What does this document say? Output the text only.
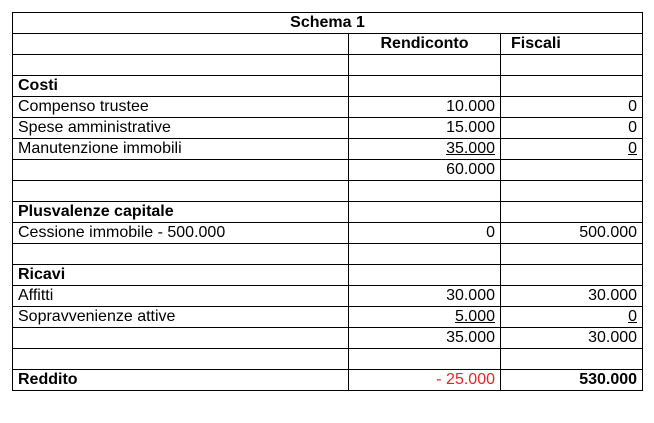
Schema 1		
	Rendiconto	Fiscali

Costi		
Compenso trustee	10.000	0
Spese amministrative	15.000	0
Manutenzione immobili	35.000	0
	60.000	

Plusvalenze capitale		
Cessione immobile - 500.000	0	500.000

Ricavi		
Affitti	30.000	30.000
Sopravvenienze attive	5.000	0
	35.000	30.000

Reddito	- 25.000	530.000
